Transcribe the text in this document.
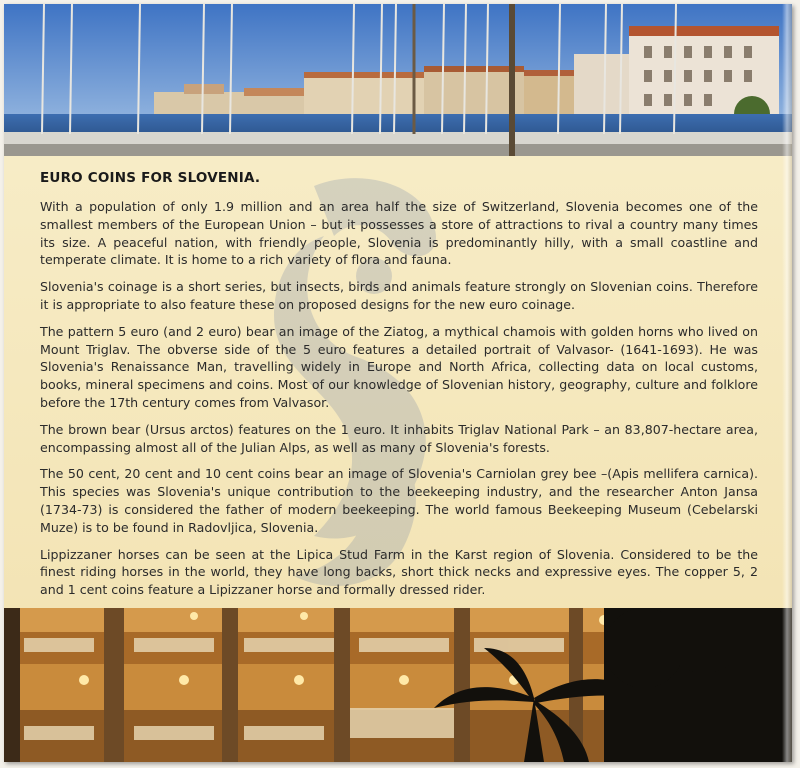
EURO COINS FOR SLOVENIA.

With a population of only 1.9 million and an area half the size of Switzerland, Slovenia becomes one of the smallest members of the European Union – but it possesses a store of attractions to rival a country many times its size. A peaceful nation, with friendly people, Slovenia is predominantly hilly, with a small coastline and temperate climate. It is home to a rich variety of flora and fauna.

Slovenia's coinage is a short series, but insects, birds and animals feature strongly on Slovenian coins. Therefore it is appropriate to also feature these on proposed designs for the new euro coinage.

The pattern 5 euro (and 2 euro) bear an image of the Ziatog, a mythical chamois with golden horns who lived on Mount Triglav. The obverse side of the 5 euro features a detailed portrait of Valvasor- (1641-1693). He was Slovenia's Renaissance Man, travelling widely in Europe and North Africa, collecting data on local customs, books, mineral specimens and coins. Most of our knowledge of Slovenian history, geography, culture and folklore before the 17th century comes from Valvasor.

The brown bear (Ursus arctos) features on the 1 euro. It inhabits Triglav National Park – an 83,807-hectare area, encompassing almost all of the Julian Alps, as well as many of Slovenia's forests.

The 50 cent, 20 cent and 10 cent coins bear an image of Slovenia's Carniolan grey bee –(Apis mellifera carnica). This species was Slovenia's unique contribution to the beekeeping industry, and the researcher Anton Jansa (1734-73) is considered the father of modern beekeeping. The world famous Beekeeping Museum (Cebelarski Muze) is to be found in Radovljica, Slovenia.

Lippizzaner horses can be seen at the Lipica Stud Farm in the Karst region of Slovenia. Considered to be the finest riding horses in the world, they have long backs, short thick necks and expressive eyes. The copper 5, 2 and 1 cent coins feature a Lipizzaner horse and formally dressed rider.
